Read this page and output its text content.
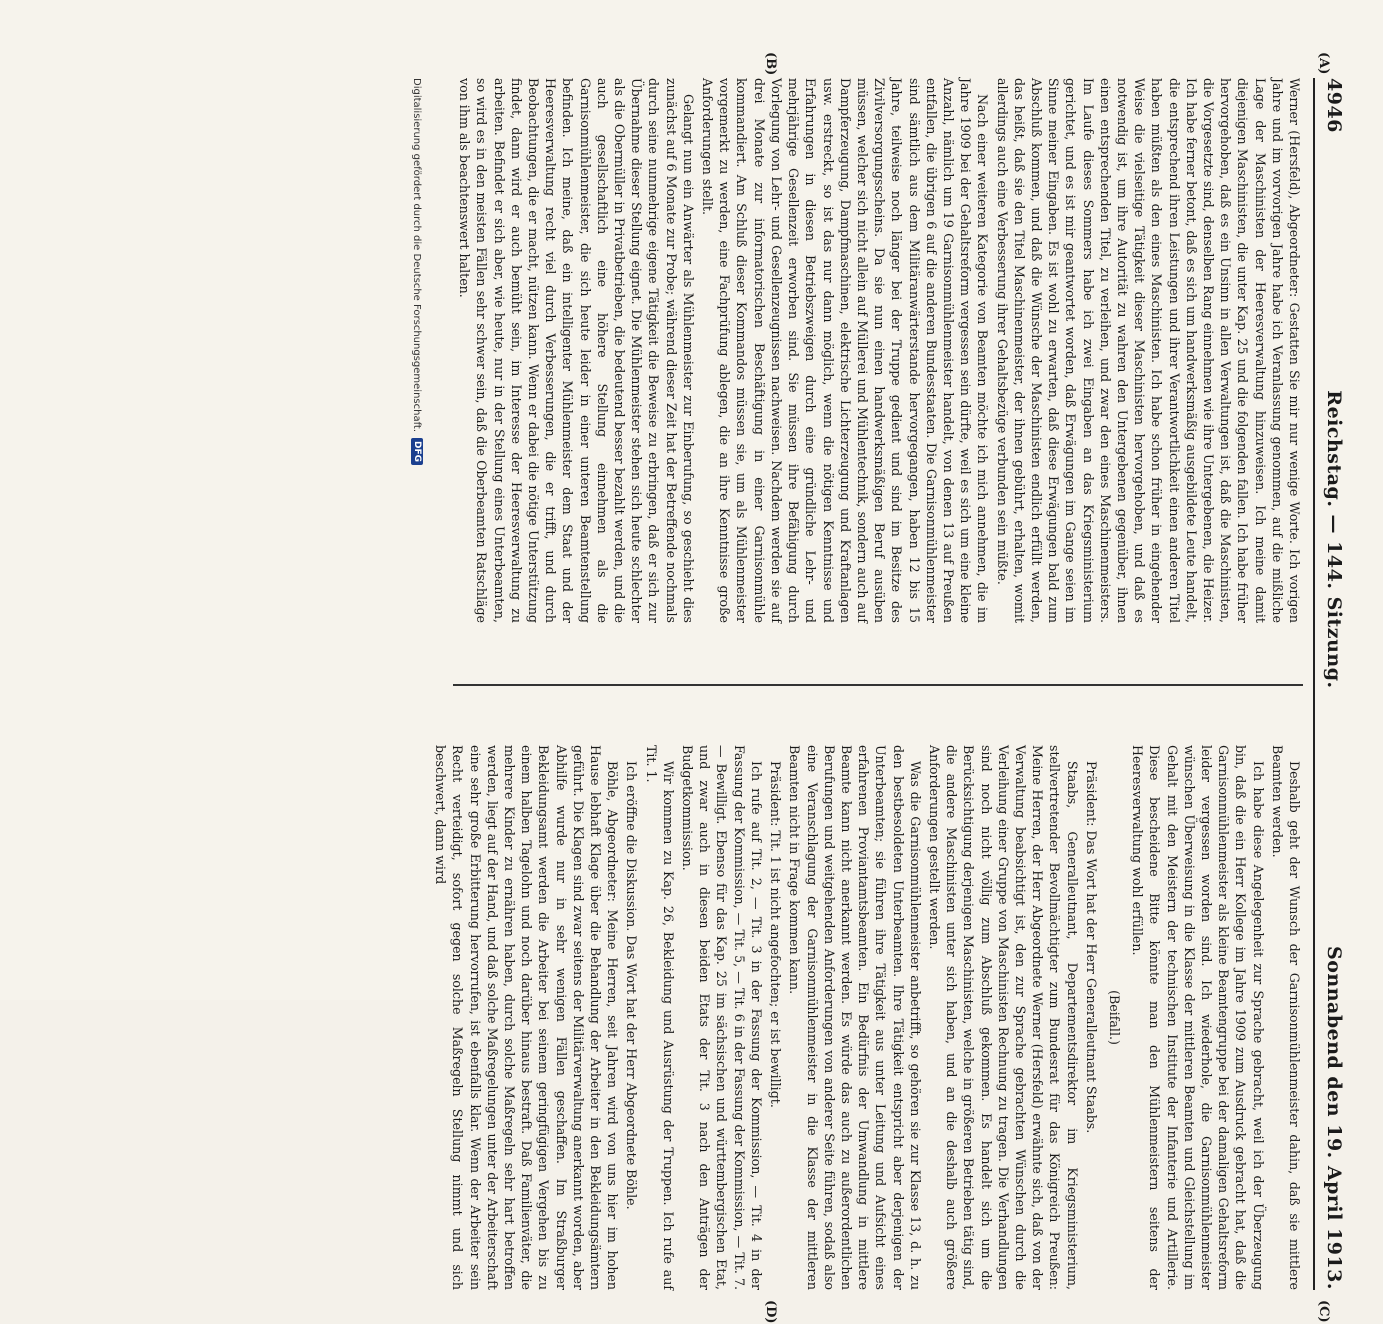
(A)
(B)
(C)
(D)
4946
Reichstag. — 144. Sitzung.
Sonnabend den 19. April 1913.

Werner (Hersfeld), Abgeordneter: Gestatten Sie mir nur wenige Worte. Ich vorigen Jahre und im vorvorigen Jahre habe ich Veranlassung genommen, auf die mißliche Lage der Maschinisten der Heeresverwaltung hinzuweisen. Ich meine damit diejenigen Maschinisten, die unter Kap. 25 und die folgenden fallen. Ich habe früher hervorgehoben, daß es ein Unsinn in allen Verwaltungen ist, daß die Maschinisten, die Vorgesetzte sind, denselben Rang einnehmen wie ihre Untergebenen, die Heizer. Ich habe ferner betont, daß es sich um handwerksmäßig ausgebildete Leute handelt, die entsprechend ihren Leistungen und ihrer Verantwortlichkeit einen anderen Titel haben müßten als den eines Maschinisten. Ich habe schon früher in eingehender Weise die vielseitige Tätigkeit dieser Maschinisten hervorgehoben, und daß es notwendig ist, um ihre Autorität zu wahren den Untergebenen gegenüber, ihnen einen entsprechenden Titel, zu verleihen, und zwar den eines Maschinenmeisters. Im Laufe dieses Sommers habe ich zwei Eingaben an das Kriegsministerium gerichtet, und es ist mir geantwortet worden, daß Erwägungen im Gange seien im Sinne meiner Eingaben. Es ist wohl zu erwarten, daß diese Erwägungen bald zum Abschluß kommen, und daß die Wünsche der Maschinisten endlich erfüllt werden, das heißt, daß sie den Titel Maschinenmeister, der ihnen gebührt, erhalten, womit allerdings auch eine Verbesserung ihrer Gehaltsbezüge verbunden sein müßte.

Nach einer weiteren Kategorie von Beamten möchte ich mich annehmen, die im Jahre 1909 bei der Gehaltsreform vergessen sein dürfte, weil es sich um eine kleine Anzahl, nämlich um 19 Garnisonmühlenmeister handelt, von denen 13 auf Preußen entfallen, die übrigen 6 auf die anderen Bundesstaaten. Die Garnisonmühlenmeister sind sämtlich aus dem Militäranwärterstande hervorgegangen, haben 12 bis 15 Jahre, teilweise noch länger bei der Truppe gedient und sind im Besitze des Zivilversorgungsscheins. Da sie nun einen handwerksmäßigen Beruf ausüben müssen, welcher sich nicht allein auf Müllerei und Mühlentechnik, sondern auch auf Dampferzeugung, Dampfmaschinen, elektrische Lichterzeugung und Kraftanlagen usw. erstreckt, so ist das nur dann möglich, wenn die nötigen Kenntnisse und Erfahrungen in diesen Betriebszweigen durch eine gründliche Lehr- und mehrjährige Gesellenzeit erworben sind. Sie müssen ihre Befähigung durch Vorlegung von Lehr- und Gesellenzeugnissen nachweisen. Nachdem werden sie auf drei Monate zur informatorischen Beschäftigung in einer Garnisonmühle kommandiert. Am Schluß dieser Kommandos müssen sie, um als Mühlenmeister vorgemerkt zu werden, eine Fachprüfung ablegen, die an ihre Kenntnisse große Anforderungen stellt.

Gelangt nun ein Anwärter als Mühlenmeister zur Einberufung, so geschieht dies zunächst auf 6 Monate zur Probe; während dieser Zeit hat der Betreffende nochmals durch seine nunmehrige eigene Tätigkeit die Beweise zu erbringen, daß er sich zur Übernahme dieser Stellung eignet. Die Mühlenmeister stehen sich heute schlechter als die Obermüller in Privatbetrieben, die bedeutend besser bezahlt werden, und die auch gesellschaftlich eine höhere Stellung einnehmen als die Garnisonmühlenmeister, die sich heute leider in einer unteren Beamtenstellung befinden. Ich meine, daß ein intelligenter Mühlenmeister dem Staat und der Heeresverwaltung recht viel durch Verbesserungen, die er trifft, und durch Beobachtungen, die er macht, nützen kann. Wenn er dabei die nötige Unterstützung findet, dann wird er auch bemüht sein, im Interesse der Heeresverwaltung zu arbeiten. Befindet er sich aber, wie heute, nur in der Stellung eines Unterbeamten, so wird es in den meisten Fällen sehr schwer sein, daß die Oberbeamten Ratschläge von ihm als beachtenswert halten.

Deshalb geht der Wunsch der Garnisonmühlenmeister dahin, daß sie mittlere Beamten werden.

Ich habe diese Angelegenheit zur Sprache gebracht, weil ich der Überzeugung bin, daß die ein Herr Kollege im Jahre 1909 zum Ausdruck gebracht hat, daß die Garnisonmühlenmeister als kleine Beamtengruppe bei der damaligen Gehaltsreform leider vergessen worden sind. Ich wiederhole, die Garnisonmühlenmeister wünschen Überweisung in die Klasse der mittleren Beamten und Gleichstellung im Gehalt mit den Meistern der technischen Institute der Infanterie und Artillerie. Diese bescheidene Bitte könnte man den Mühlenmeistern seitens der Heeresverwaltung wohl erfüllen.

(Beifall.)

Präsident: Das Wort hat der Herr Generalleutnant Staabs.

Staabs, Generalleutnant, Departementsdirektor im Kriegsministerium, stellvertretender Bevollmächtigter zum Bundesrat für das Königreich Preußen: Meine Herren, der Herr Abgeordnete Werner (Hersfeld) erwähnte sich, daß von der Verwaltung beabsichtigt ist, den zur Sprache gebrachten Wünschen durch die Verleihung einer Gruppe von Maschinisten Rechnung zu tragen. Die Verhandlungen sind noch nicht völlig zum Abschluß gekommen. Es handelt sich um die Berücksichtigung derjenigen Maschinisten, welche in größeren Betrieben tätig sind, die andere Maschinisten unter sich haben, und an die deshalb auch größere Anforderungen gestellt werden.

Was die Garnisonmühlenmeister anbetrifft, so gehören sie zur Klasse 13, d. h. zu den bestbesoldeten Unterbeamten. Ihre Tätigkeit entspricht aber derjenigen der Unterbeamten; sie führen ihre Tätigkeit aus unter Leitung und Aufsicht eines erfahrenen Proviantamtsbeamten. Ein Bedürfnis der Umwandlung in mittlere Beamte kann nicht anerkannt werden. Es würde das auch zu außerordentlichen Berufungen und weitgehenden Anforderungen von anderer Seite führen, sodaß also eine Veranschlagung der Garnisonmühlenmeister in die Klasse der mittleren Beamten nicht in Frage kommen kann.

Präsident: Tit. 1 ist nicht angefochten; er ist bewilligt.

Ich rufe auf Tit. 2, — Tit. 3 in der Fassung der Kommission, — Tit. 4 in der Fassung der Kommission, — Tit. 5, — Tit. 6 in der Fassung der Kommission, — Tit. 7. — Bewilligt. Ebenso für das Kap. 25 im sächsischen und württembergischen Etat, und zwar auch in diesen beiden Etats der Tit. 3 nach den Anträgen der Budgetkommission.

Wir kommen zu Kap. 26, Bekleidung und Ausrüstung der Truppen. Ich rufe auf Tit. 1.

Ich eröffne die Diskussion. Das Wort hat der Herr Abgeordnete Böhle.

Böhle, Abgeordneter: Meine Herren, seit Jahren wird von uns hier im hohen Hause lebhaft Klage über die Behandlung der Arbeiter in den Bekleidungsämtern geführt. Die Klagen sind zwar seitens der Militärverwaltung anerkannt worden, aber Abhilfe wurde nur in sehr wenigen Fällen geschaffen. Im Straßburger Bekleidungsamt werden die Arbeiter bei seinem geringfügigen Vergehen bis zu einem halben Tagelohn und noch darüber hinaus bestraft. Daß Familienväter, die mehrere Kinder zu ernähren haben, durch solche Maßregeln sehr hart betroffen werden, liegt auf der Hand, und daß solche Maßregelungen unter der Arbeiterschaft eine sehr große Erbitterung hervorrufen, ist ebenfalls klar. Wenn der Arbeiter sein Recht verteidigt, sofort gegen solche Maßregeln Stellung nimmt und sich beschwert, dann wird

Digitalisierung gefördert durch die Deutsche Forschungsgemeinschaft.
DFG
